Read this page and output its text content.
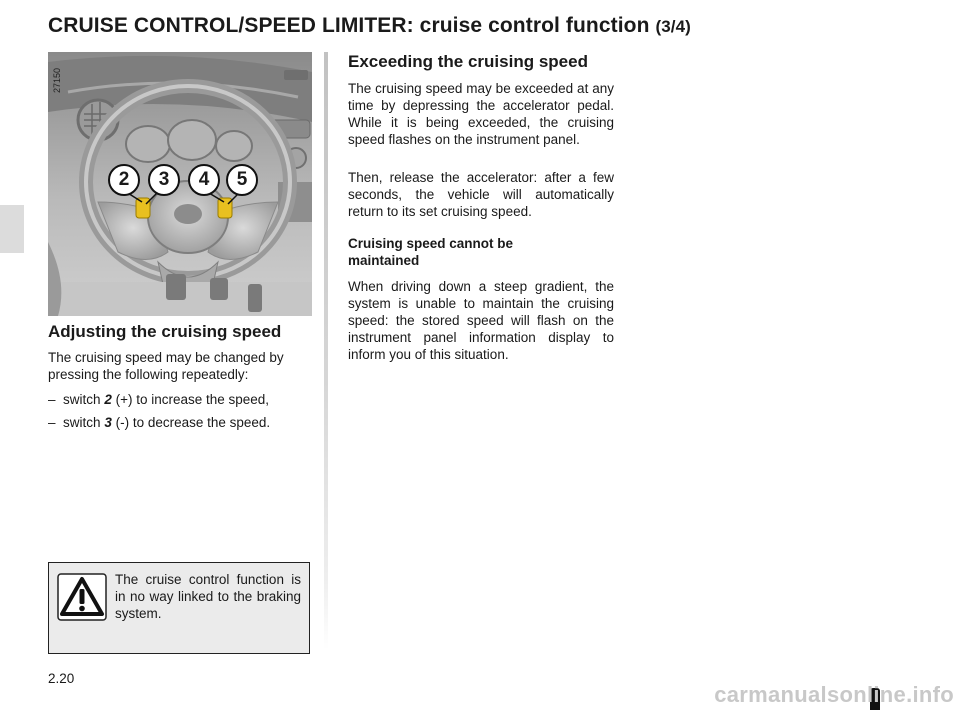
CRUISE CONTROL/SPEED LIMITER: cruise control function (3/4)
27150
2	3	4	5
Adjusting the cruising speed
The cruising speed may be changed by pressing the following repeatedly:
– switch 2 (+) to increase the speed,
– switch 3 (-) to decrease the speed.
The cruise control function is in no way linked to the braking system.
Exceeding the cruising speed
The cruising speed may be exceeded at any time by depressing the accelerator pedal. While it is being exceeded, the cruising speed flashes on the instrument panel.
Then, release the accelerator: after a few seconds, the vehicle will automatically return to its set cruising speed.
Cruising speed cannot be maintained
When driving down a steep gradient, the system is unable to maintain the cruising speed: the stored speed will flash on the instrument panel information display to inform you of this situation.
2.20
carmanualsonline.info
